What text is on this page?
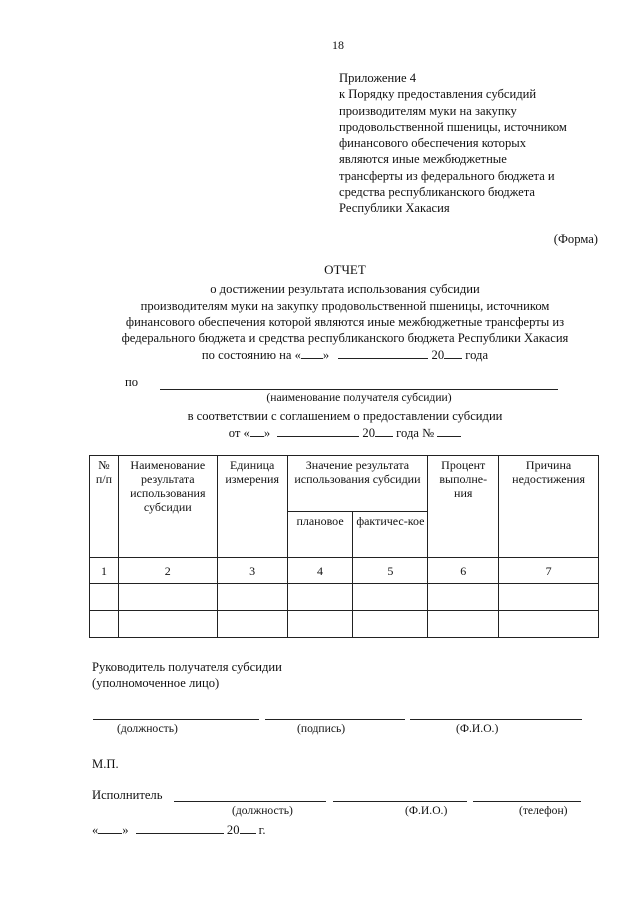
18
Приложение 4
к Порядку предоставления субсидий
производителям муки на закупку
продовольственной пшеницы, источником
финансового обеспечения которых
являются иные межбюджетные
трансферты из федерального бюджета и
средства республиканского бюджета
Республики Хакасия
(Форма)
ОТЧЕТ
о достижении результата использования субсидии
производителям муки на закупку продовольственной пшеницы, источником
финансового обеспечения которой являются иные межбюджетные трансферты из
федерального бюджета и средства республиканского бюджета Республики Хакасия
по состоянию на « »	20 года
по
(наименование получателя субсидии)
в соответствии с соглашением о предоставлении субсидии
от « »	20 года №
№ п/п	Наименование результата использования субсидии	Единица измерения	Значение результата использования субсидии		Процент выполне-ния	Причина недостижения
			плановое	фактичес-кое		
1	2	3	4	5	6	7

Руководитель получателя субсидии
(уполномоченное лицо)
(должность)	(подпись)	(Ф.И.О.)
М.П.
Исполнитель
(должность)	(Ф.И.О.)	(телефон)
« »	20 г.
